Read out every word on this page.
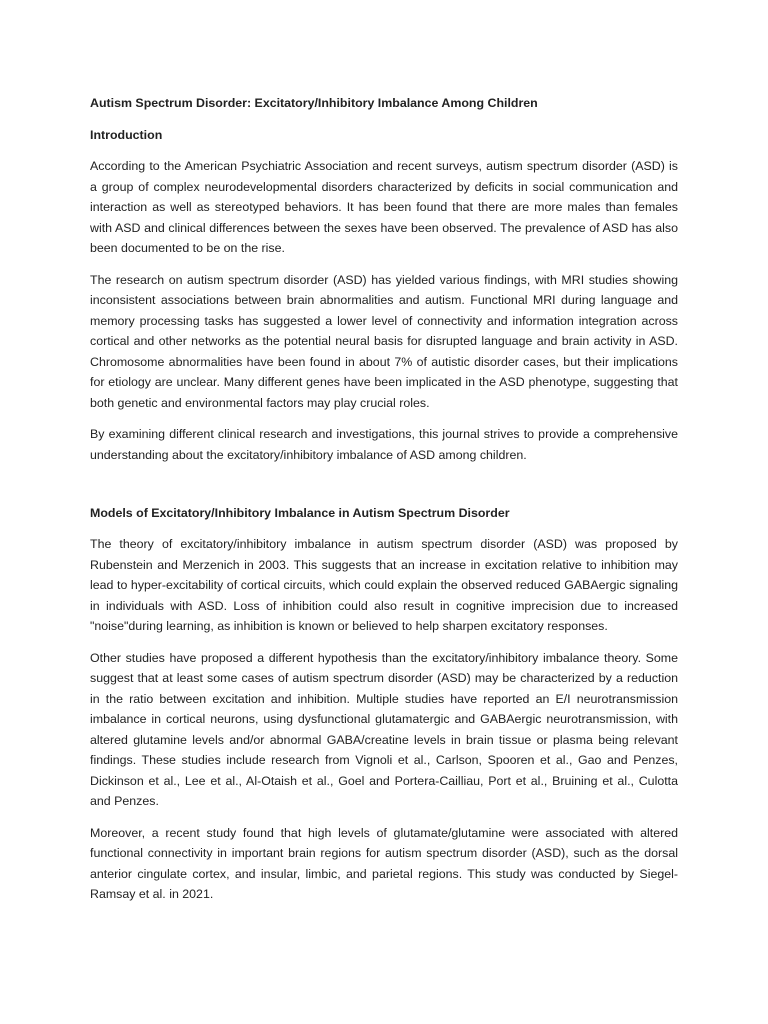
Autism Spectrum Disorder: Excitatory/Inhibitory Imbalance Among Children

Introduction

According to the American Psychiatric Association and recent surveys, autism spectrum disorder (ASD) is a group of complex neurodevelopmental disorders characterized by deficits in social communication and interaction as well as stereotyped behaviors. It has been found that there are more males than females with ASD and clinical differences between the sexes have been observed. The prevalence of ASD has also been documented to be on the rise.

The research on autism spectrum disorder (ASD) has yielded various findings, with MRI studies showing inconsistent associations between brain abnormalities and autism. Functional MRI during language and memory processing tasks has suggested a lower level of connectivity and information integration across cortical and other networks as the potential neural basis for disrupted language and brain activity in ASD. Chromosome abnormalities have been found in about 7% of autistic disorder cases, but their implications for etiology are unclear. Many different genes have been implicated in the ASD phenotype, suggesting that both genetic and environmental factors may play crucial roles.

By examining different clinical research and investigations, this journal strives to provide a comprehensive understanding about the excitatory/inhibitory imbalance of ASD among children.

Models of Excitatory/Inhibitory Imbalance in Autism Spectrum Disorder

The theory of excitatory/inhibitory imbalance in autism spectrum disorder (ASD) was proposed by Rubenstein and Merzenich in 2003. This suggests that an increase in excitation relative to inhibition may lead to hyper-excitability of cortical circuits, which could explain the observed reduced GABAergic signaling in individuals with ASD. Loss of inhibition could also result in cognitive imprecision due to increased "noise"during learning, as inhibition is known or believed to help sharpen excitatory responses.

Other studies have proposed a different hypothesis than the excitatory/inhibitory imbalance theory. Some suggest that at least some cases of autism spectrum disorder (ASD) may be characterized by a reduction in the ratio between excitation and inhibition. Multiple studies have reported an E/I neurotransmission imbalance in cortical neurons, using dysfunctional glutamatergic and GABAergic neurotransmission, with altered glutamine levels and/or abnormal GABA/creatine levels in brain tissue or plasma being relevant findings. These studies include research from Vignoli et al., Carlson, Spooren et al., Gao and Penzes, Dickinson et al., Lee et al., Al-Otaish et al., Goel and Portera-Cailliau, Port et al., Bruining et al., Culotta and Penzes.

Moreover, a recent study found that high levels of glutamate/glutamine were associated with altered functional connectivity in important brain regions for autism spectrum disorder (ASD), such as the dorsal anterior cingulate cortex, and insular, limbic, and parietal regions. This study was conducted by Siegel-Ramsay et al. in 2021.
